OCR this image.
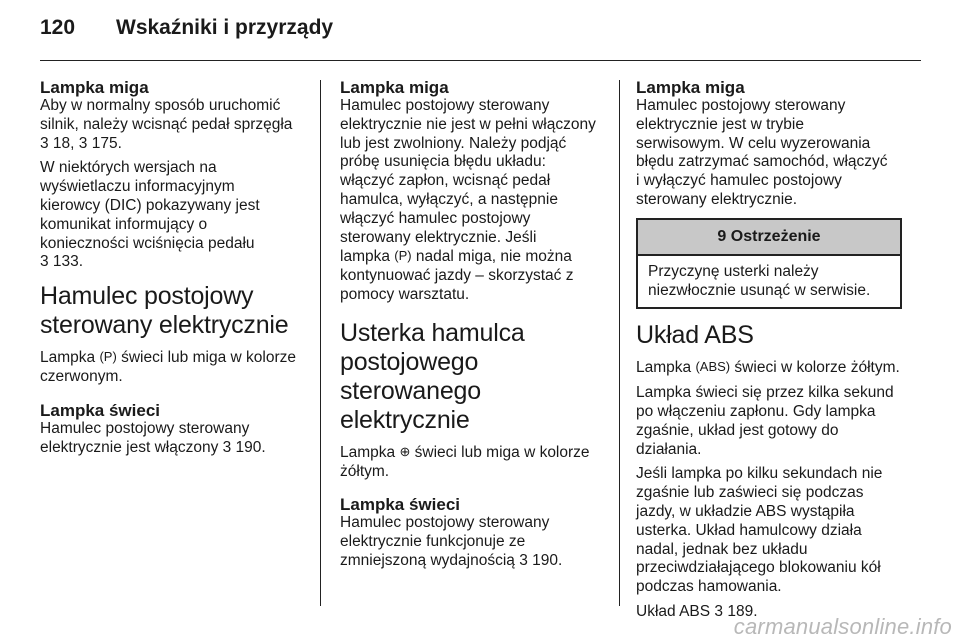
120 Wskaźniki i przyrządy
Lampka miga
Aby w normalny sposób uruchomić
silnik, należy wcisnąć pedał sprzęgła
3 18, 3 175.
W niektórych wersjach na
wyświetlaczu informacyjnym
kierowcy (DIC) pokazywany jest
komunikat informujący o
konieczności wciśnięcia pedału
3 133.
Hamulec postojowy
sterowany elektrycznie
Lampka (P) świeci lub miga w kolorze
czerwonym.
Lampka świeci
Hamulec postojowy sterowany
elektrycznie jest włączony 3 190.
Lampka miga
Hamulec postojowy sterowany
elektrycznie nie jest w pełni włączony
lub jest zwolniony. Należy podjąć
próbę usunięcia błędu układu:
włączyć zapłon, wcisnąć pedał
hamulca, wyłączyć, a następnie
włączyć hamulec postojowy
sterowany elektrycznie. Jeśli
lampka (P) nadal miga, nie można
kontynuować jazdy – skorzystać z
pomocy warsztatu.
Usterka hamulca
postojowego sterowanego
elektrycznie
Lampka ⊕ świeci lub miga w kolorze
żółtym.
Lampka świeci
Hamulec postojowy sterowany
elektrycznie funkcjonuje ze
zmniejszoną wydajnością 3 190.
Lampka miga
Hamulec postojowy sterowany
elektrycznie jest w trybie
serwisowym. W celu wyzerowania
błędu zatrzymać samochód, włączyć
i wyłączyć hamulec postojowy
sterowany elektrycznie.
9 Ostrzeżenie
Przyczynę usterki należy
niezwłocznie usunąć w serwisie.
Układ ABS
Lampka (ABS) świeci w kolorze żółtym.
Lampka świeci się przez kilka sekund
po włączeniu zapłonu. Gdy lampka
zgaśnie, układ jest gotowy do
działania.
Jeśli lampka po kilku sekundach nie
zgaśnie lub zaświeci się podczas
jazdy, w układzie ABS wystąpiła
usterka. Układ hamulcowy działa
nadal, jednak bez układu
przeciwdziałającego blokowaniu kół
podczas hamowania.
Układ ABS 3 189.
carmanualsonline.info
